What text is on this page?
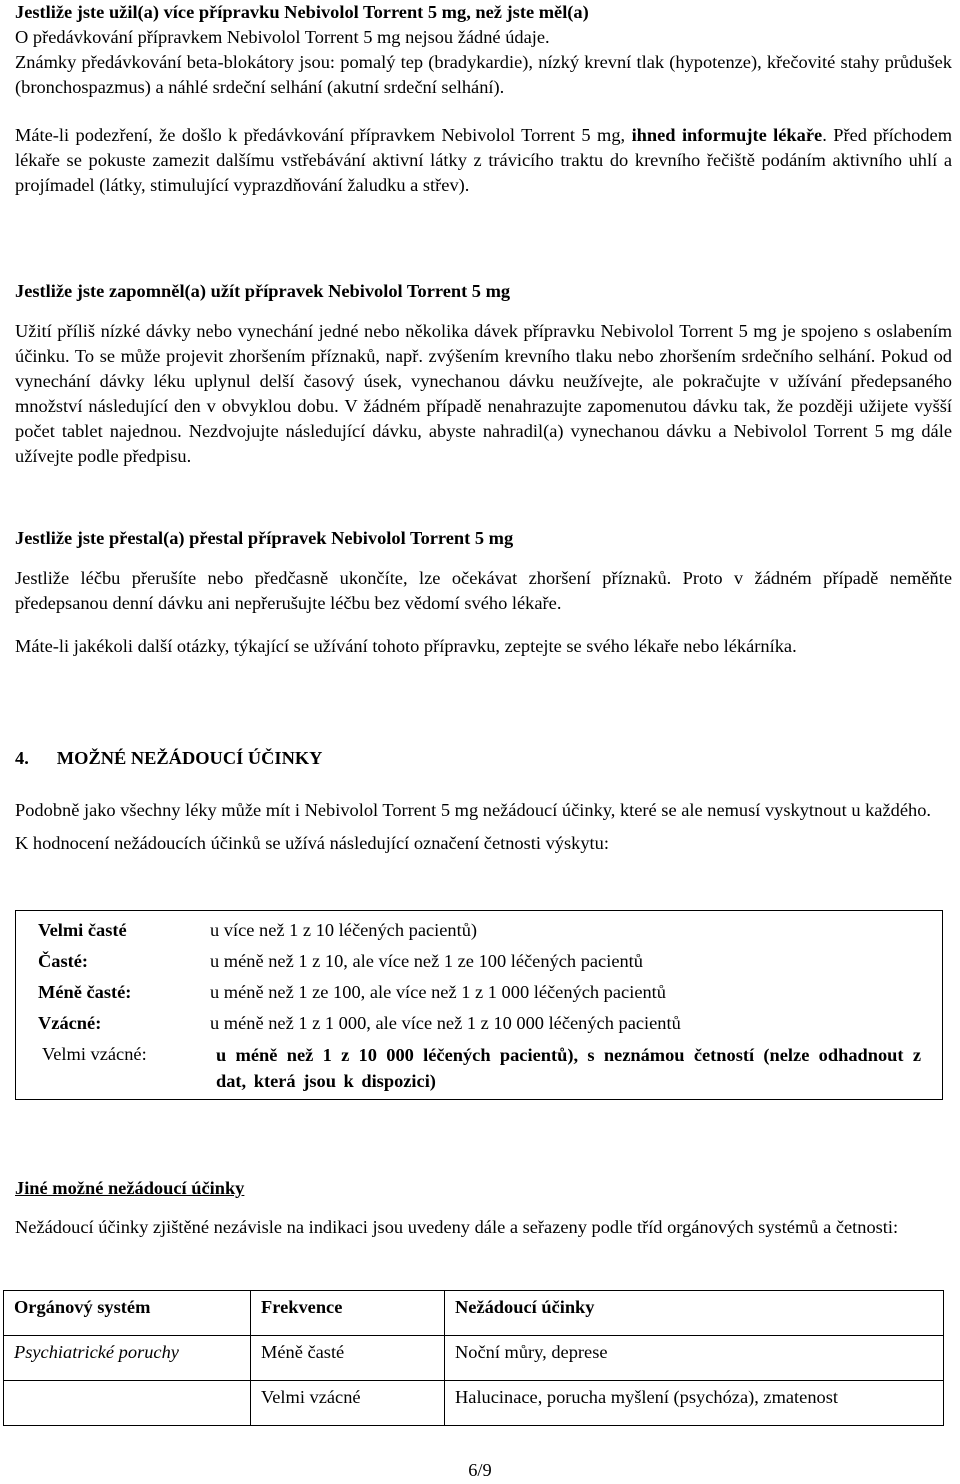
Jestliže jste užil(a) více přípravku Nebivolol Torrent 5 mg, než jste měl(a)

O předávkování přípravkem Nebivolol Torrent 5 mg nejsou žádné údaje.

Známky předávkování beta-blokátory jsou: pomalý tep (bradykardie), nízký krevní tlak (hypotenze), křečovité stahy průdušek (bronchospazmus) a náhlé srdeční selhání (akutní srdeční selhání).

Máte-li podezření, že došlo k předávkování přípravkem Nebivolol Torrent 5 mg, ihned informujte lékaře. Před příchodem lékaře se pokuste zamezit dalšímu vstřebávání aktivní látky z trávicího traktu do krevního řečiště podáním aktivního uhlí a projímadel (látky, stimulující vyprazdňování žaludku a střev).

Jestliže jste zapomněl(a) užít přípravek Nebivolol Torrent 5 mg

Užití příliš nízké dávky nebo vynechání jedné nebo několika dávek přípravku Nebivolol Torrent 5 mg je spojeno s oslabením účinku. To se může projevit zhoršením příznaků, např. zvýšením krevního tlaku nebo zhoršením srdečního selhání. Pokud od vynechání dávky léku uplynul delší časový úsek, vynechanou dávku neužívejte, ale pokračujte v užívání předepsaného množství následující den v obvyklou dobu. V žádném případě nenahrazujte zapomenutou dávku tak, že později užijete vyšší počet tablet najednou. Nezdvojujte následující dávku, abyste nahradil(a) vynechanou dávku a Nebivolol Torrent 5 mg dále užívejte podle předpisu.

Jestliže jste přestal(a) přestal přípravek Nebivolol Torrent 5 mg

Jestliže léčbu přerušíte nebo předčasně ukončíte, lze očekávat zhoršení příznaků. Proto v žádném případě neměňte předepsanou denní dávku ani nepřerušujte léčbu bez vědomí svého lékaře.

Máte-li jakékoli další otázky, týkající se užívání tohoto přípravku, zeptejte se svého lékaře nebo lékárníka.

4. MOŽNÉ NEŽÁDOUCÍ ÚČINKY

Podobně jako všechny léky může mít i Nebivolol Torrent 5 mg nežádoucí účinky, které se ale nemusí vyskytnout u každého.

K hodnocení nežádoucích účinků se užívá následující označení četnosti výskytu:

Velmi časté	u více než 1 z 10 léčených pacientů)
Časté:	u méně než 1 z 10, ale více než 1 ze 100 léčených pacientů
Méně časté:	u méně než 1 ze 100, ale více než 1 z 1 000 léčených pacientů
Vzácné:	u méně než 1 z 1 000, ale více než 1 z 10 000 léčených pacientů
Velmi vzácné:	u méně než 1 z 10 000 léčených pacientů), s neznámou četností (nelze odhadnout z dat, která jsou k dispozici)

Jiné možné nežádoucí účinky

Nežádoucí účinky zjištěné nezávisle na indikaci jsou uvedeny dále a seřazeny podle tříd orgánových systémů a četnosti:

Orgánový systém	Frekvence	Nežádoucí účinky
Psychiatrické poruchy	Méně časté	Noční můry, deprese
	Velmi vzácné	Halucinace, porucha myšlení (psychóza), zmatenost
6/9
